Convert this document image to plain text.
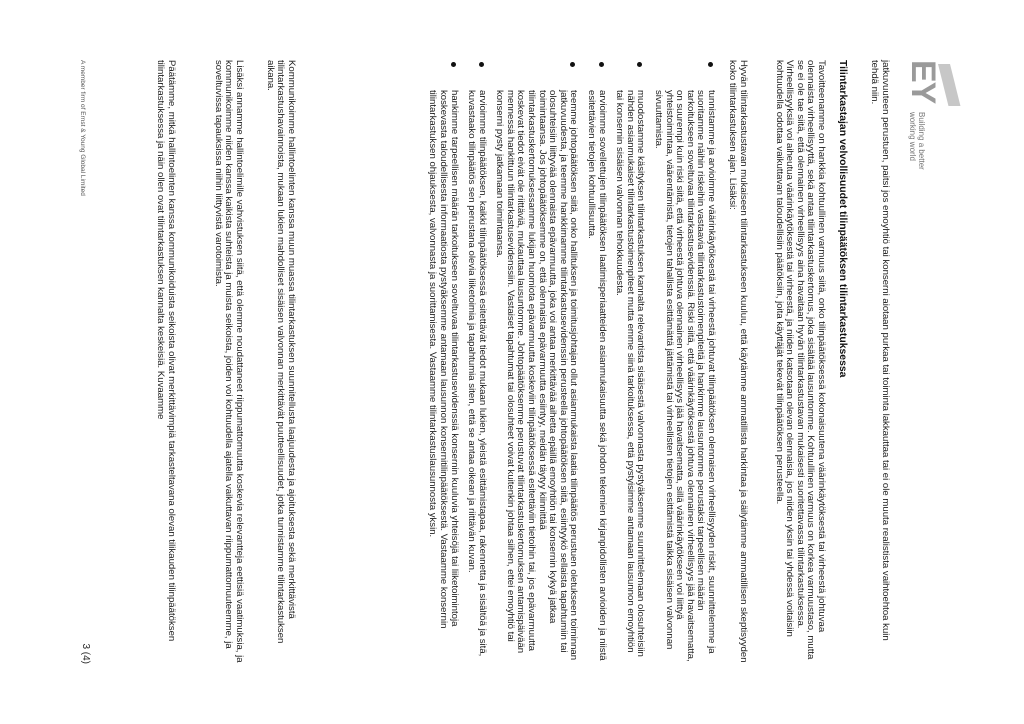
EY
Building a better working world
jatkuvuuteen perustuen, paitsi jos emoyhtiö tai konserni aiotaan purkaa tai toiminta lakkauttaa tai ei ole muuta realistista vaihtoehtoa kuin tehdä niin.
Tilintarkastajan velvollisuudet tilinpäätöksen tilintarkastuksessa
Tavoitteenamme on hankkia kohtuullinen varmuus siitä, onko tilinpäätöksessä kokonaisuutena väärinkäytöksestä tai virheestä johtuvaa olennaista virheellisyyttä, sekä antaa tilintarkastuskertomus, joka sisältää lausuntomme. Kohtuullinen varmuus on korkea varmuustaso, mutta se ei ole tae siitä, että olennainen virheellisyys aina havaitaan hyvän tilintarkastustavan mukaisesti suoritettavassa tilintarkastuksessa. Virheellisyyksiä voi aiheutua väärinkäytöksestä tai virheestä, ja niiden katsotaan olevan olennaisia, jos niiden yksin tai yhdessä voitaisiin kohtuudella odottaa vaikuttavan taloudellisiin päätöksiin, joita käyttäjät tekevät tilinpäätöksen perusteella.
Hyvän tilintarkastustavan mukaiseen tilintarkastukseen kuuluu, että käytämme ammatillista harkintaa ja säilytämme ammatillisen skeptisyyden koko tilintarkastuksen ajan. Lisäksi:
tunnistamme ja arvioimme väärinkäytöksestä tai virheestä johtuvat tilinpäätöksen olennaisen virheellisyyden riskit, suunnittelemme ja suoritamme näihin riskeihin vastaavia tilintarkastustoimenpiteitä ja hankimme lausuntomme perustaksi tarpeellisen määrän tarkoitukseen soveltuvaa tilintarkastusevidenssiä. Riski siitä, että väärinkäytöksestä johtuva olennainen virheellisyys jää havaitsematta, on suurempi kuin riski siitä, että virheestä johtuva olennainen virheellisyys jää havaitsematta, sillä väärinkäytökseen voi liittyä yhteistoimintaa, väärentämistä, tietojen tahallista esittämättä jättämistä tai virheellisten tietojen esittämistä taikka sisäisen valvonnan sivuuttamista.
muodostamme käsityksen tilintarkastuksen kannalta relevantista sisäisestä valvonnasta pystyäksemme suunnittelemaan olosuhteisiin nähden asianmukaiset tilintarkastustoimenpiteet mutta emme siinä tarkoituksessa, että pystyisimme antamaan lausunnon emoyhtiön tai konsernin sisäisen valvonnan tehokkuudesta.
arvioimme sovellettujen tilinpäätöksen laatimisperiaatteiden asianmukaisuutta sekä johdon tekemien kirjanpidollisten arvioiden ja niistä esitettävien tietojen kohtuullisuutta.
teemme johtopäätöksen siitä, onko hallituksen ja toimitusjohtajan ollut asianmukaista laatia tilinpäätös perustuen oletukseen toiminnan jatkuvuudesta, ja teemme hankkimamme tilintarkastusevidenssin perusteella johtopäätöksen siitä, esiintyykö sellaista tapahtumiin tai olosuhteisiin liittyvää olennaista epävarmuutta, joka voi antaa merkittävää aihetta epäillä emoyhtiön tai konsernin kykyä jatkaa toimintaansa. Jos johtopäätöksemme on, että olennaista epävarmuutta esiintyy, meidän täytyy kiinnittää tilintarkastuskertomuksessamme lukijan huomiota epävarmuutta koskeviin tilinpäätöksessä esitettäviin tietoihin tai, jos epävarmuutta koskevat tiedot eivät ole riittäviä, mukauttaa lausuntomme. Johtopäätöksemme perustuvat tilintarkastuskertomuksen antamispäivään mennessä hankittuun tilintarkastusevidenssiin. Vastaiset tapahtumat tai olosuhteet voivat kuitenkin johtaa siihen, ettei emoyhtiö tai konserni pysty jatkamaan toimintaansa.
arvioimme tilinpäätöksen, kaikki tilinpäätöksessä esitettävät tiedot mukaan lukien, yleistä esittämistapaa, rakennetta ja sisältöä ja sitä, kuvastaako tilinpäätös sen perustana olevia liiketoimia ja tapahtumia siten, että se antaa oikean ja riittävän kuvan.
hankimme tarpeellisen määrän tarkoitukseen soveltuvaa tilintarkastusevidenssiä konsernin kuuluvia yhteisöjä tai liiketoimintoja koskevasta taloudellisesta informaatiosta pystyäksemme antamaan lausunnon konsernitilinpäätöksestä. Vastaamme konsernin tilintarkastuksen ohjauksesta, valvonnasta ja suorittamisesta. Vastaamme tilintarkastuslausunnosta yksin.
Kommunikoimme hallintoelinten kanssa muun muassa tilintarkastuksen suunnitellusta laajuudesta ja ajoituksesta sekä merkittävistä tilintarkastushavainnoista, mukaan lukien mahdolliset sisäisen valvonnan merkittävät puutteellisuudet, jotka tunnistamme tilintarkastuksen aikana.
Lisäksi annamme hallintoelimille vahvistuksen siitä, että olemme noudattaneet riippumattomuutta koskevia relevantteja eettisiä vaatimuksia, ja kommunikoimme niiden kanssa kaikista suhteista ja muista seikoista, joiden voi kohtuudella ajatella vaikuttavan riippumattomuuteemme, ja soveltuvissa tapauksissa niihin liittyvistä varotoimista.
Päätämme, mitkä hallintoelinten kanssa kommunikoiduista seikoista olivat merkittävimpiä tarkasteltavana olevan tilikauden tilinpäätöksen tilintarkastuksessa ja näin ollen ovat tilintarkastuksen kannalta keskeisiä. Kuvaamme
A member firm of Ernst & Young Global Limited
3 (4)
